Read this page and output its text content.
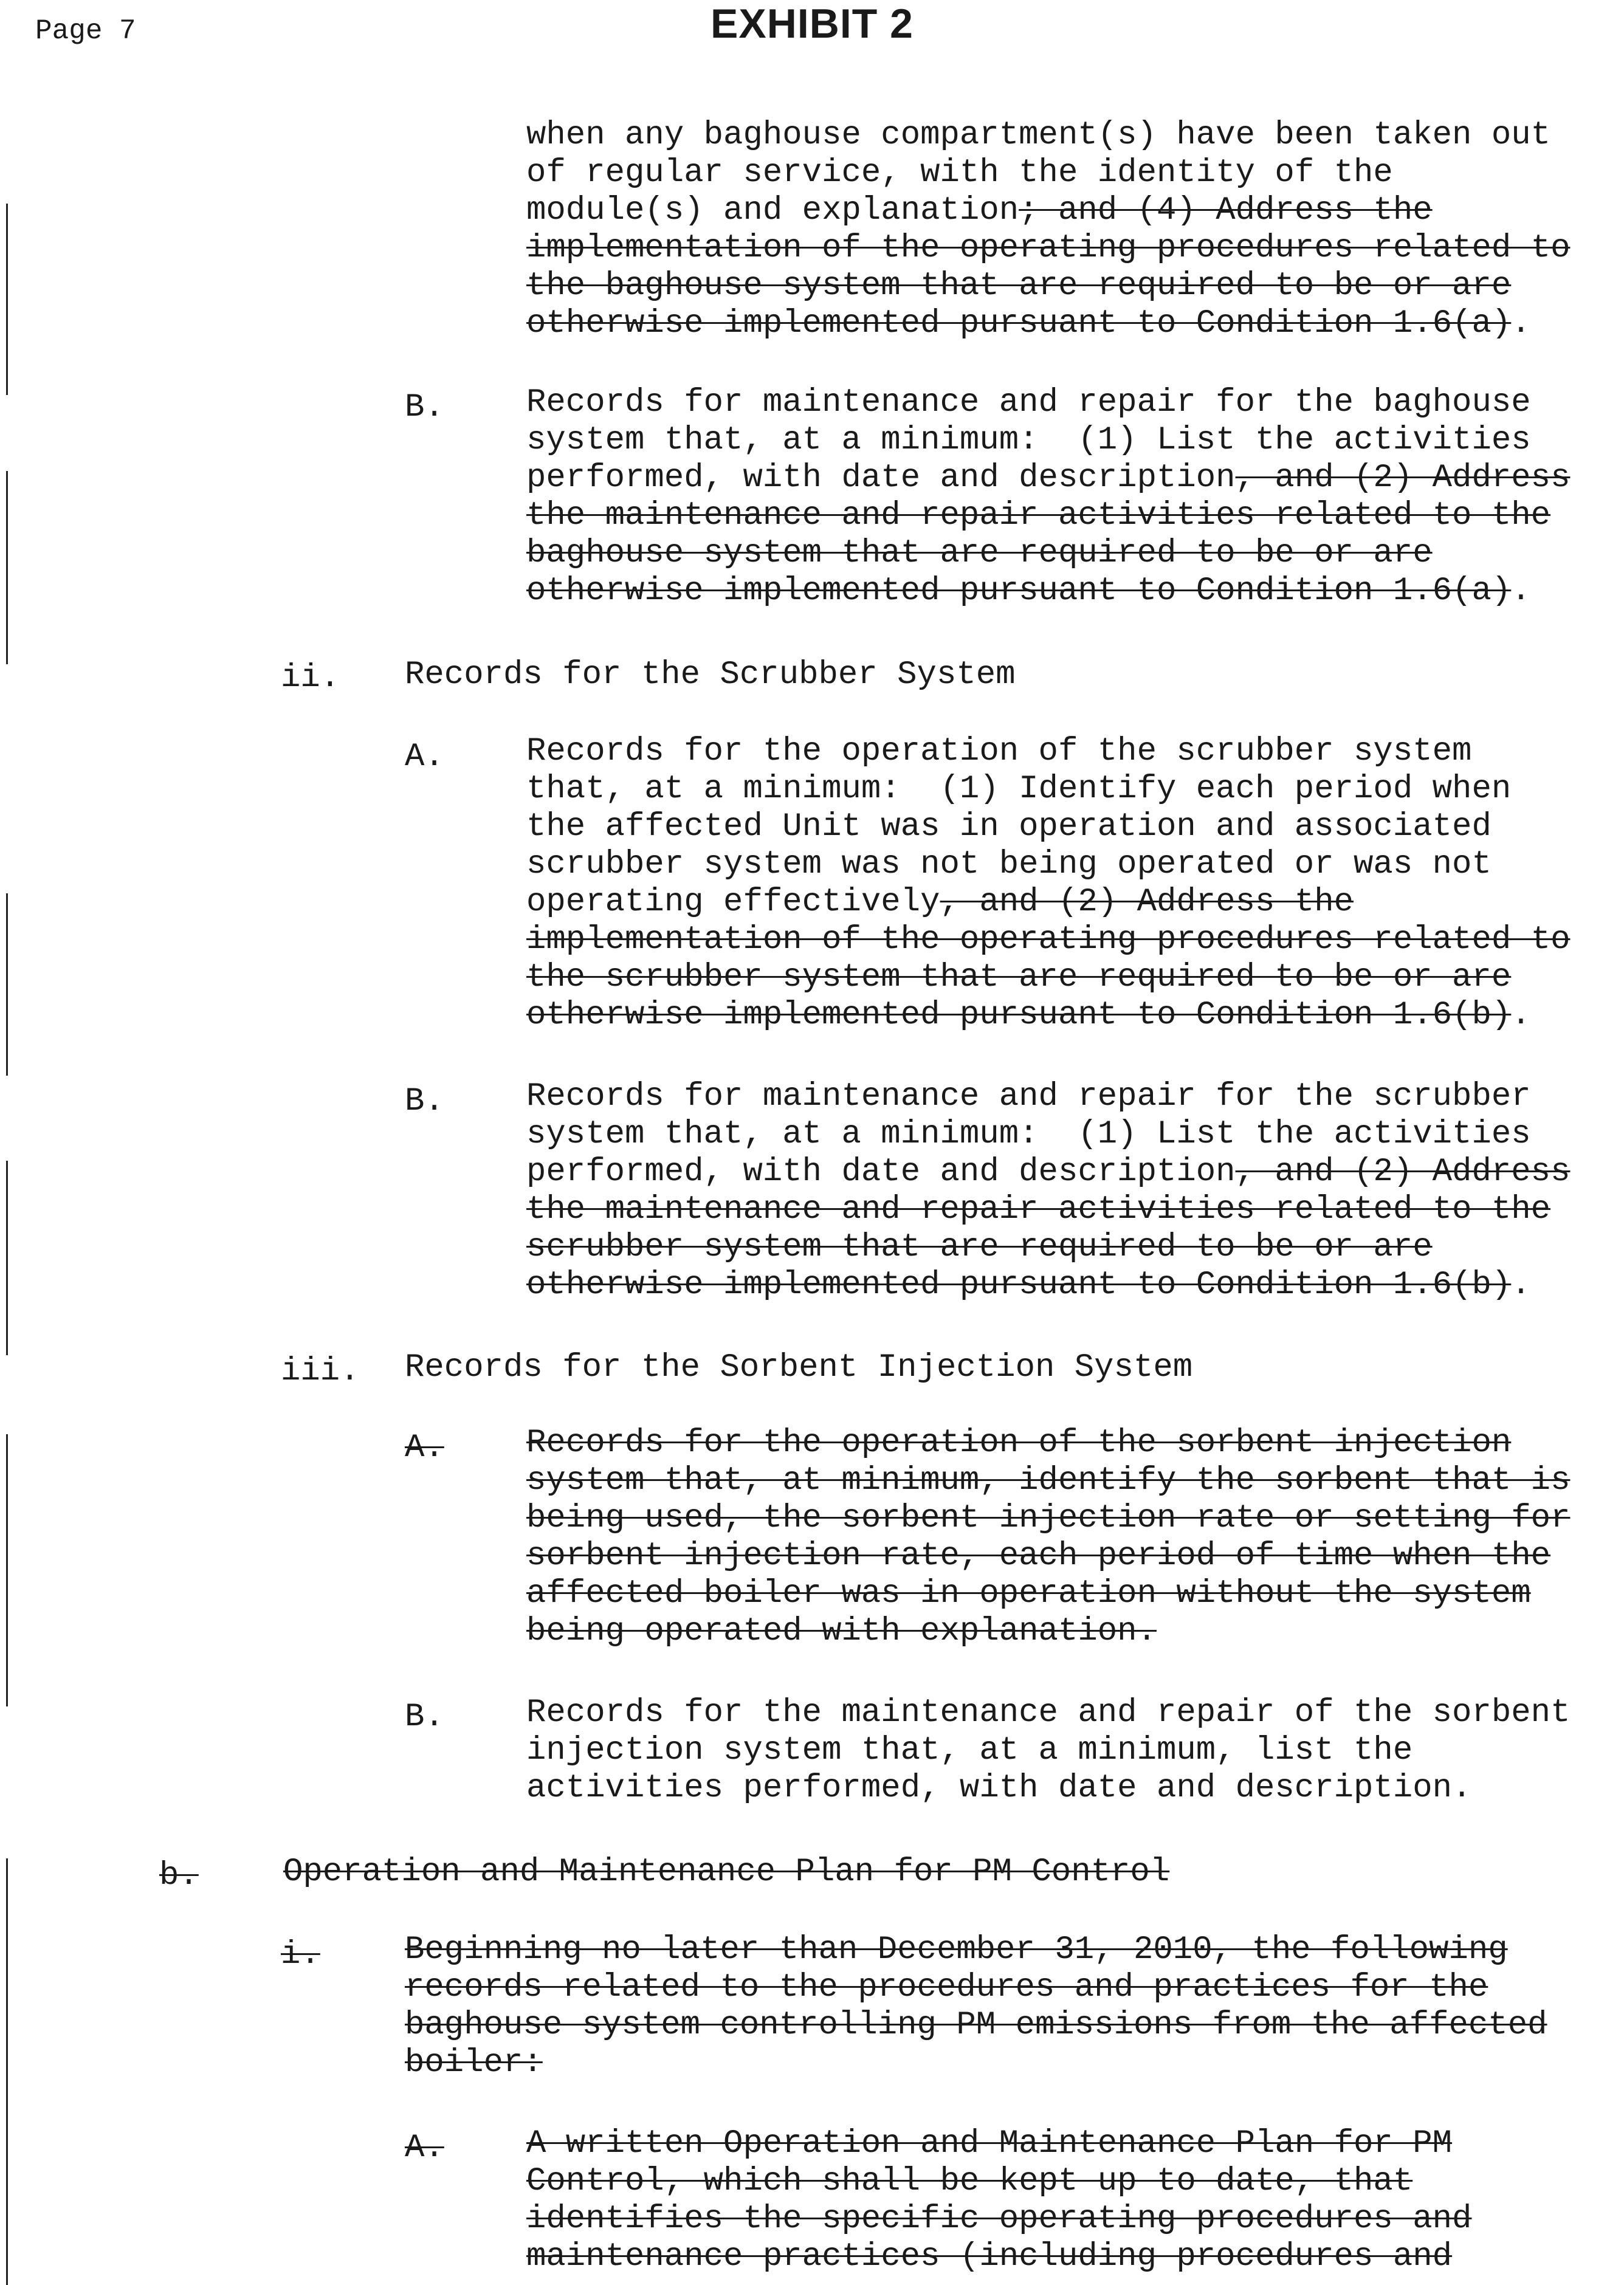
Page 7	EXHIBIT 2
when any baghouse compartment(s) have been taken out
of regular service, with the identity of the
module(s) and explanation; and (4) Address the
implementation of the operating procedures related to
the baghouse system that are required to be or are
otherwise implemented pursuant to Condition 1.6(a).
B.	Records for maintenance and repair for the baghouse
system that, at a minimum:  (1) List the activities
performed, with date and description, and (2) Address
the maintenance and repair activities related to the
baghouse system that are required to be or are
otherwise implemented pursuant to Condition 1.6(a).
ii. Records for the Scrubber System
A.	Records for the operation of the scrubber system
that, at a minimum:  (1) Identify each period when
the affected Unit was in operation and associated
scrubber system was not being operated or was not
operating effectively, and (2) Address the
implementation of the operating procedures related to
the scrubber system that are required to be or are
otherwise implemented pursuant to Condition 1.6(b).
B.	Records for maintenance and repair for the scrubber
system that, at a minimum:  (1) List the activities
performed, with date and description, and (2) Address
the maintenance and repair activities related to the
scrubber system that are required to be or are
otherwise implemented pursuant to Condition 1.6(b).
iii. Records for the Sorbent Injection System
A.	Records for the operation of the sorbent injection
system that, at minimum, identify the sorbent that is
being used, the sorbent injection rate or setting for
sorbent injection rate, each period of time when the
affected boiler was in operation without the system
being operated with explanation.
B.	Records for the maintenance and repair of the sorbent
injection system that, at a minimum, list the
activities performed, with date and description.
b.	Operation and Maintenance Plan for PM Control
i.	Beginning no later than December 31, 2010, the following
records related to the procedures and practices for the
baghouse system controlling PM emissions from the affected
boiler:
A.	A written Operation and Maintenance Plan for PM
Control, which shall be kept up to date, that
identifies the specific operating procedures and
maintenance practices (including procedures and
